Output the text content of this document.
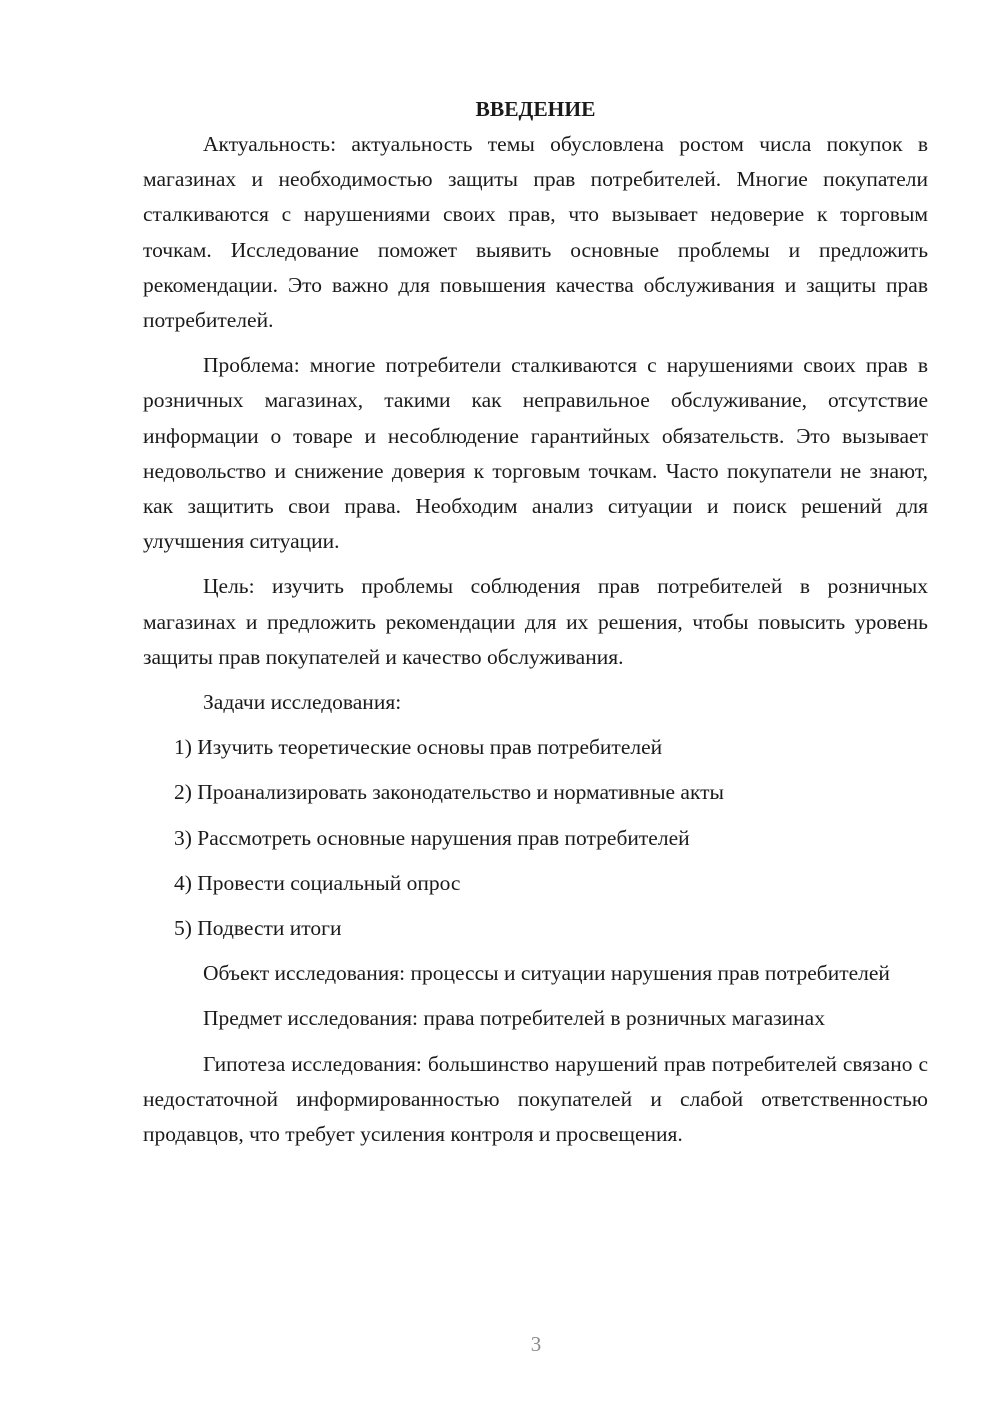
ВВЕДЕНИЕ

Актуальность: актуальность темы обусловлена ростом числа покупок в магазинах и необходимостью защиты прав потребителей. Многие покупатели сталкиваются с нарушениями своих прав, что вызывает недоверие к торговым точкам. Исследование поможет выявить основные проблемы и предложить рекомендации. Это важно для повышения качества обслуживания и защиты прав потребителей.

Проблема: многие потребители сталкиваются с нарушениями своих прав в розничных магазинах, такими как неправильное обслуживание, отсутствие информации о товаре и несоблюдение гарантийных обязательств. Это вызывает недовольство и снижение доверия к торговым точкам. Часто покупатели не знают, как защитить свои права. Необходим анализ ситуации и поиск решений для улучшения ситуации.

Цель: изучить проблемы соблюдения прав потребителей в розничных магазинах и предложить рекомендации для их решения, чтобы повысить уровень защиты прав покупателей и качество обслуживания.

Задачи исследования:

1) Изучить теоретические основы прав потребителей
2) Проанализировать законодательство и нормативные акты
3) Рассмотреть основные нарушения прав потребителей
4) Провести социальный опрос
5) Подвести итоги

Объект исследования: процессы и ситуации нарушения прав потребителей

Предмет исследования: права потребителей в розничных магазинах

Гипотеза исследования: большинство нарушений прав потребителей связано с недостаточной информированностью покупателей и слабой ответственностью продавцов, что требует усиления контроля и просвещения.

3
